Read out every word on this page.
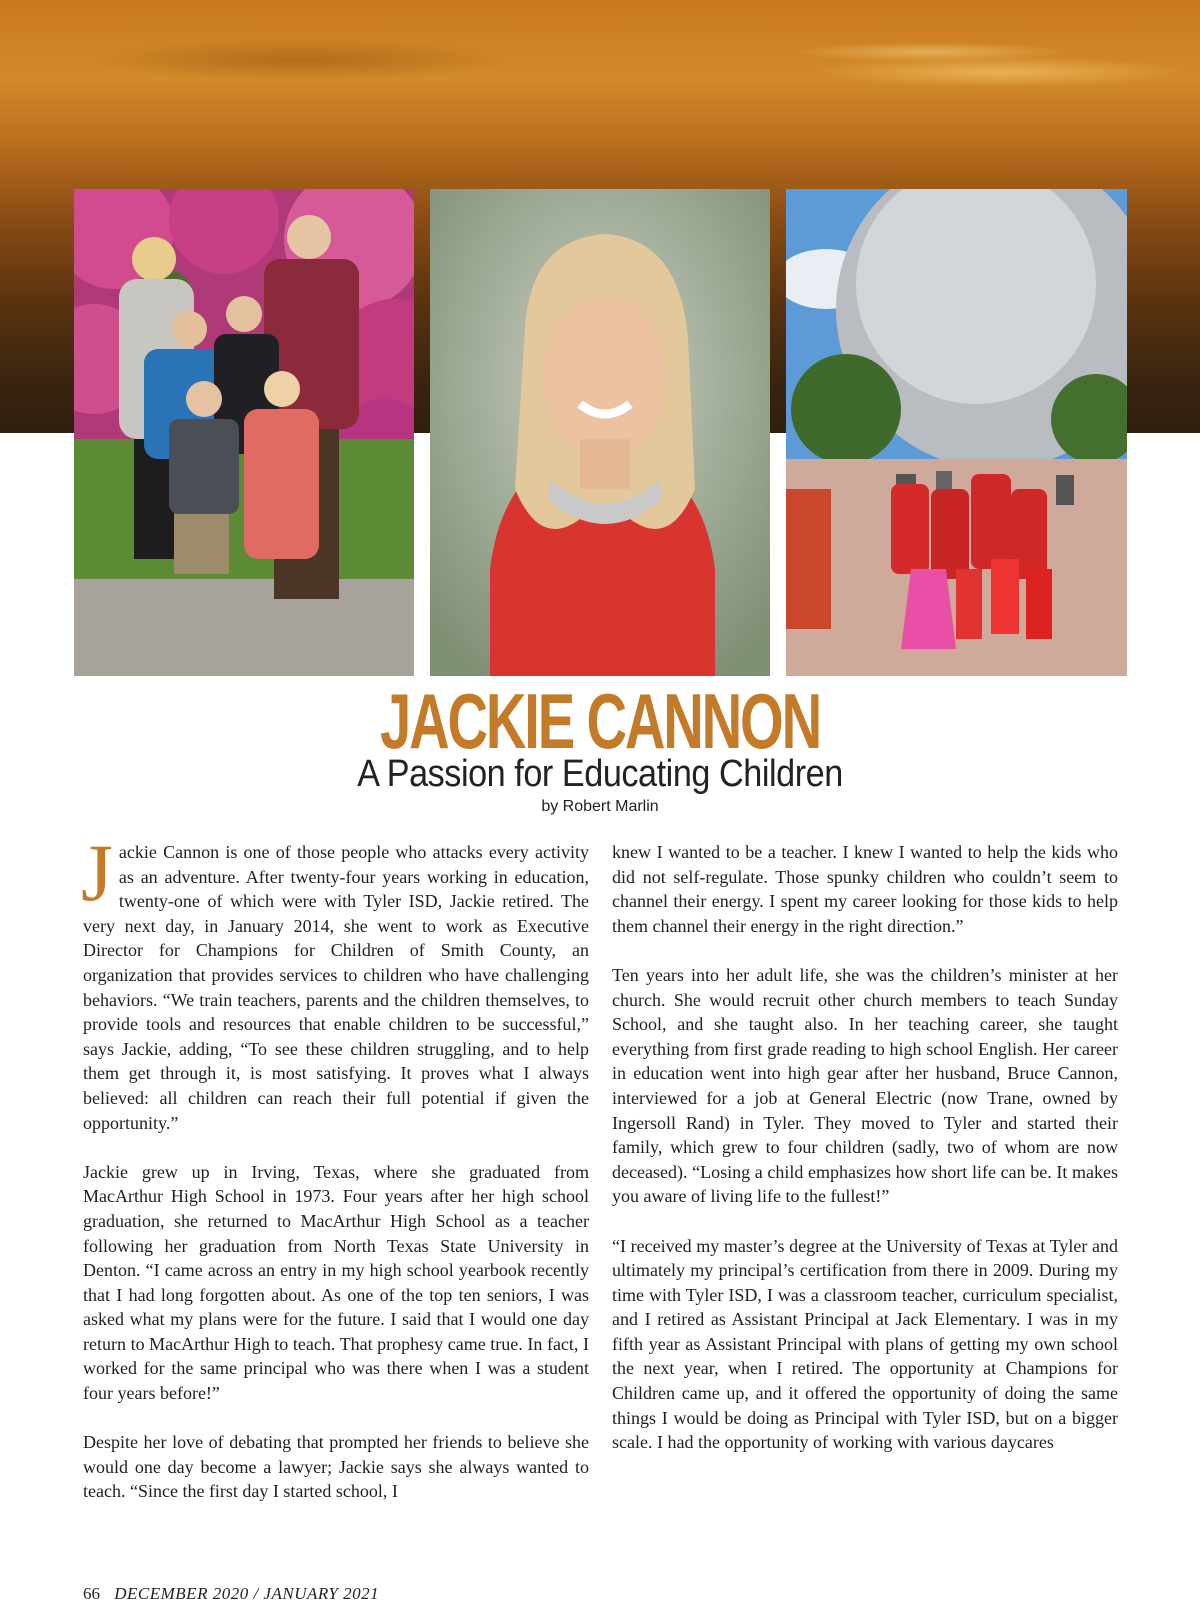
JACKIE CANNON
A Passion for Educating Children
by Robert Marlin

Jackie Cannon is one of those people who attacks every activity as an adventure. After twenty-four years working in education, twenty-one of which were with Tyler ISD, Jackie retired. The very next day, in January 2014, she went to work as Executive Director for Champions for Children of Smith County, an organization that provides services to children who have challenging behaviors. “We train teachers, parents and the children themselves, to provide tools and resources that enable children to be successful,” says Jackie, adding, “To see these children struggling, and to help them get through it, is most satisfying. It proves what I always believed: all children can reach their full potential if given the opportunity.”

Jackie grew up in Irving, Texas, where she graduated from MacArthur High School in 1973. Four years after her high school graduation, she returned to MacArthur High School as a teacher following her graduation from North Texas State University in Denton. “I came across an entry in my high school yearbook recently that I had long forgotten about. As one of the top ten seniors, I was asked what my plans were for the future. I said that I would one day return to MacArthur High to teach. That prophesy came true. In fact, I worked for the same principal who was there when I was a student four years before!”

Despite her love of debating that prompted her friends to believe she would one day become a lawyer; Jackie says she always wanted to teach. “Since the first day I started school, I

knew I wanted to be a teacher. I knew I wanted to help the kids who did not self-regulate. Those spunky children who couldn’t seem to channel their energy. I spent my career looking for those kids to help them channel their energy in the right direction.”

Ten years into her adult life, she was the children’s minister at her church. She would recruit other church members to teach Sunday School, and she taught also. In her teaching career, she taught everything from first grade reading to high school English. Her career in education went into high gear after her husband, Bruce Cannon, interviewed for a job at General Electric (now Trane, owned by Ingersoll Rand) in Tyler. They moved to Tyler and started their family, which grew to four children (sadly, two of whom are now deceased). “Losing a child emphasizes how short life can be. It makes you aware of living life to the fullest!”

“I received my master’s degree at the University of Texas at Tyler and ultimately my principal’s certification from there in 2009. During my time with Tyler ISD, I was a classroom teacher, curriculum specialist, and I retired as Assistant Principal at Jack Elementary. I was in my fifth year as Assistant Principal with plans of getting my own school the next year, when I retired. The opportunity at Champions for Children came up, and it offered the opportunity of doing the same things I would be doing as Principal with Tyler ISD, but on a bigger scale. I had the opportunity of working with various daycares

66 DECEMBER 2020 / JANUARY 2021
